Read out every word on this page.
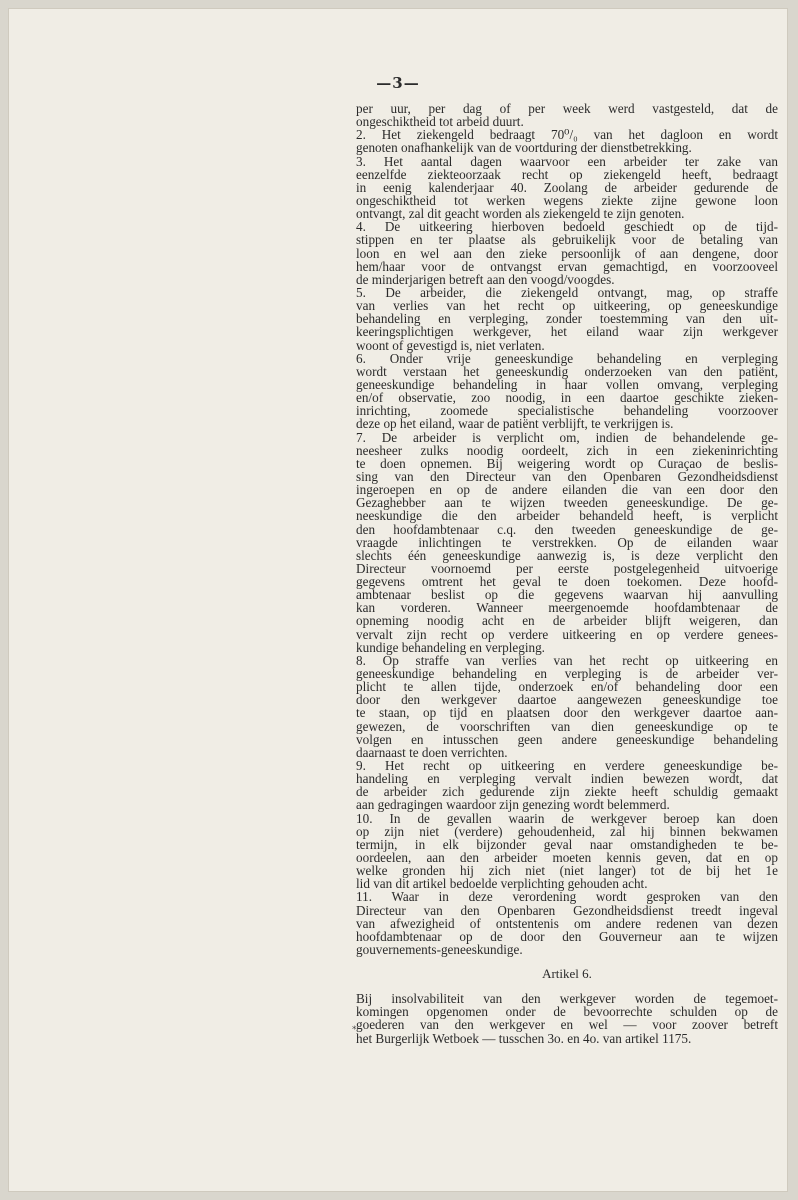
—3—
*
per uur, per dag of per week werd vastgesteld, dat de
ongeschiktheid tot arbeid duurt.
2. Het ziekengeld bedraagt 70⁰/₀ van het dagloon en wordt
genoten onafhankelijk van de voortduring der dienstbetrekking.
3. Het aantal dagen waarvoor een arbeider ter zake van
eenzelfde ziekteoorzaak recht op ziekengeld heeft, bedraagt
in eenig kalenderjaar 40. Zoolang de arbeider gedurende de
ongeschiktheid tot werken wegens ziekte zijne gewone loon
ontvangt, zal dit geacht worden als ziekengeld te zijn genoten.
4. De uitkeering hierboven bedoeld geschiedt op de tijd-
stippen en ter plaatse als gebruikelijk voor de betaling van
loon en wel aan den zieke persoonlijk of aan dengene, door
hem/haar voor de ontvangst ervan gemachtigd, en voorzooveel
de minderjarigen betreft aan den voogd/voogdes.
5. De arbeider, die ziekengeld ontvangt, mag, op straffe
van verlies van het recht op uitkeering, op geneeskundige
behandeling en verpleging, zonder toestemming van den uit-
keeringsplichtigen werkgever, het eiland waar zijn werkgever
woont of gevestigd is, niet verlaten.
6. Onder vrije geneeskundige behandeling en verpleging
wordt verstaan het geneeskundig onderzoeken van den patiënt,
geneeskundige behandeling in haar vollen omvang, verpleging
en/of observatie, zoo noodig, in een daartoe geschikte zieken-
inrichting, zoomede specialistische behandeling voorzoover
deze op het eiland, waar de patiënt verblijft, te verkrijgen is.
7. De arbeider is verplicht om, indien de behandelende ge-
neesheer zulks noodig oordeelt, zich in een ziekeninrichting
te doen opnemen. Bij weigering wordt op Curaçao de beslis-
sing van den Directeur van den Openbaren Gezondheidsdienst
ingeroepen en op de andere eilanden die van een door den
Gezaghebber aan te wijzen tweeden geneeskundige. De ge-
neeskundige die den arbeider behandeld heeft, is verplicht
den hoofdambtenaar c.q. den tweeden geneeskundige de ge-
vraagde inlichtingen te verstrekken. Op de eilanden waar
slechts één geneeskundige aanwezig is, is deze verplicht den
Directeur voornoemd per eerste postgelegenheid uitvoerige
gegevens omtrent het geval te doen toekomen. Deze hoofd-
ambtenaar beslist op die gegevens waarvan hij aanvulling
kan vorderen. Wanneer meergenoemde hoofdambtenaar de
opneming noodig acht en de arbeider blijft weigeren, dan
vervalt zijn recht op verdere uitkeering en op verdere genees-
kundige behandeling en verpleging.
8. Op straffe van verlies van het recht op uitkeering en
geneeskundige behandeling en verpleging is de arbeider ver-
plicht te allen tijde, onderzoek en/of behandeling door een
door den werkgever daartoe aangewezen geneeskundige toe
te staan, op tijd en plaatsen door den werkgever daartoe aan-
gewezen, de voorschriften van dien geneeskundige op te
volgen en intusschen geen andere geneeskundige behandeling
daarnaast te doen verrichten.
9. Het recht op uitkeering en verdere geneeskundige be-
handeling en verpleging vervalt indien bewezen wordt, dat
de arbeider zich gedurende zijn ziekte heeft schuldig gemaakt
aan gedragingen waardoor zijn genezing wordt belemmerd.
10. In de gevallen waarin de werkgever beroep kan doen
op zijn niet (verdere) gehoudenheid, zal hij binnen bekwamen
termijn, in elk bijzonder geval naar omstandigheden te be-
oordeelen, aan den arbeider moeten kennis geven, dat en op
welke gronden hij zich niet (niet langer) tot de bij het 1e
lid van dit artikel bedoelde verplichting gehouden acht.
11. Waar in deze verordening wordt gesproken van den
Directeur van den Openbaren Gezondheidsdienst treedt ingeval
van afwezigheid of ontstentenis om andere redenen van dezen
hoofdambtenaar op de door den Gouverneur aan te wijzen
gouvernements-geneeskundige.
Artikel 6.
Bij insolvabiliteit van den werkgever worden de tegemoet-
komingen opgenomen onder de bevoorrechte schulden op de
goederen van den werkgever en wel — voor zoover betreft
het Burgerlijk Wetboek — tusschen 3o. en 4o. van artikel 1175.
